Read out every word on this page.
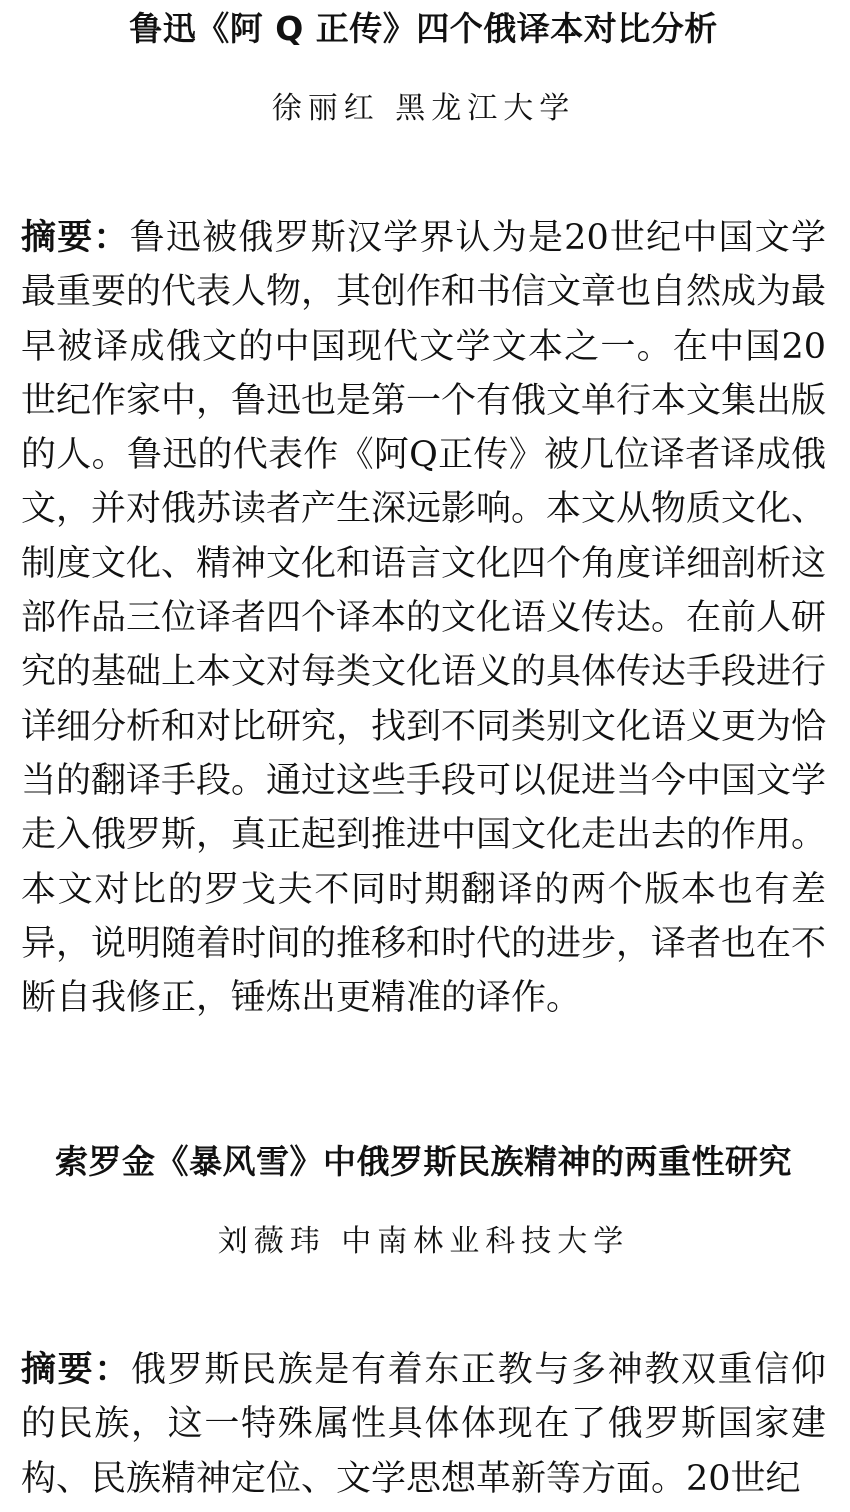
鲁迅《阿 Q 正传》四个俄译本对比分析

徐丽红 黑龙江大学

摘要：鲁迅被俄罗斯汉学界认为是20世纪中国文学最重要的代表人物，其创作和书信文章也自然成为最早被译成俄文的中国现代文学文本之一。在中国20世纪作家中，鲁迅也是第一个有俄文单行本文集出版的人。鲁迅的代表作《阿Q正传》被几位译者译成俄文，并对俄苏读者产生深远影响。本文从物质文化、制度文化、精神文化和语言文化四个角度详细剖析这部作品三位译者四个译本的文化语义传达。在前人研究的基础上本文对每类文化语义的具体传达手段进行详细分析和对比研究，找到不同类别文化语义更为恰当的翻译手段。通过这些手段可以促进当今中国文学走入俄罗斯，真正起到推进中国文化走出去的作用。本文对比的罗戈夫不同时期翻译的两个版本也有差异，说明随着时间的推移和时代的进步，译者也在不断自我修正，锤炼出更精准的译作。

索罗金《暴风雪》中俄罗斯民族精神的两重性研究

刘薇玮 中南林业科技大学

摘要：俄罗斯民族是有着东正教与多神教双重信仰的民族，这一特殊属性具体体现在了俄罗斯国家建构、民族精神定位、文学思想革新等方面。20世纪
